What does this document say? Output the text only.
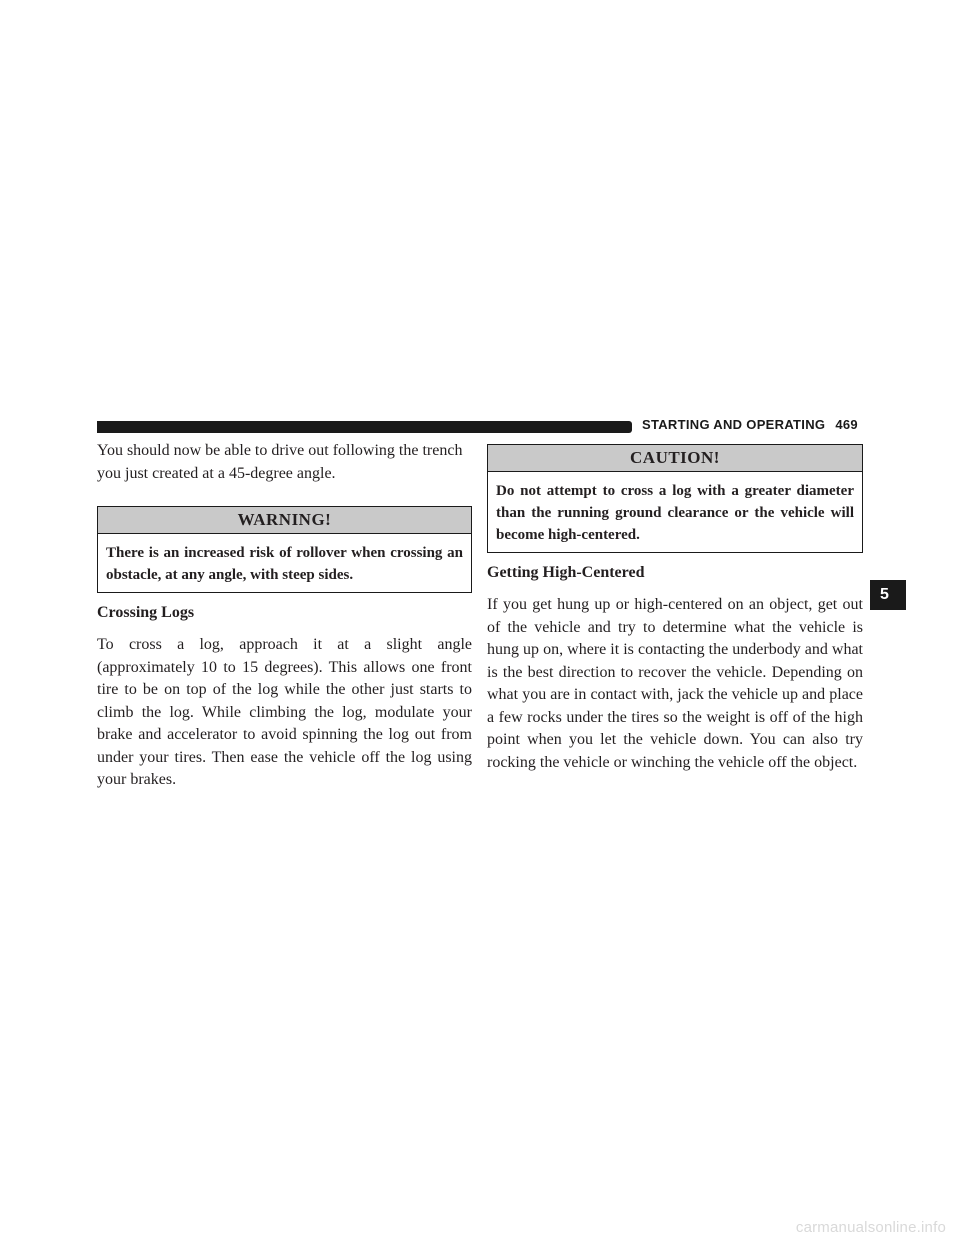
STARTING AND OPERATING 469

You should now be able to drive out following the trench you just created at a 45-degree angle.

WARNING!
There is an increased risk of rollover when crossing an obstacle, at any angle, with steep sides.
Crossing Logs

To cross a log, approach it at a slight angle (approximately 10 to 15 degrees). This allows one front tire to be on top of the log while the other just starts to climb the log. While climbing the log, modulate your brake and accelerator to avoid spinning the log out from under your tires. Then ease the vehicle off the log using your brakes.

CAUTION!
Do not attempt to cross a log with a greater diameter than the running ground clearance or the vehicle will become high-centered.
Getting High-Centered

If you get hung up or high-centered on an object, get out of the vehicle and try to determine what the vehicle is hung up on, where it is contacting the underbody and what is the best direction to recover the vehicle. Depending on what you are in contact with, jack the vehicle up and place a few rocks under the tires so the weight is off of the high point when you let the vehicle down. You can also try rocking the vehicle or winching the vehicle off the object.

5
carmanualsonline.info
